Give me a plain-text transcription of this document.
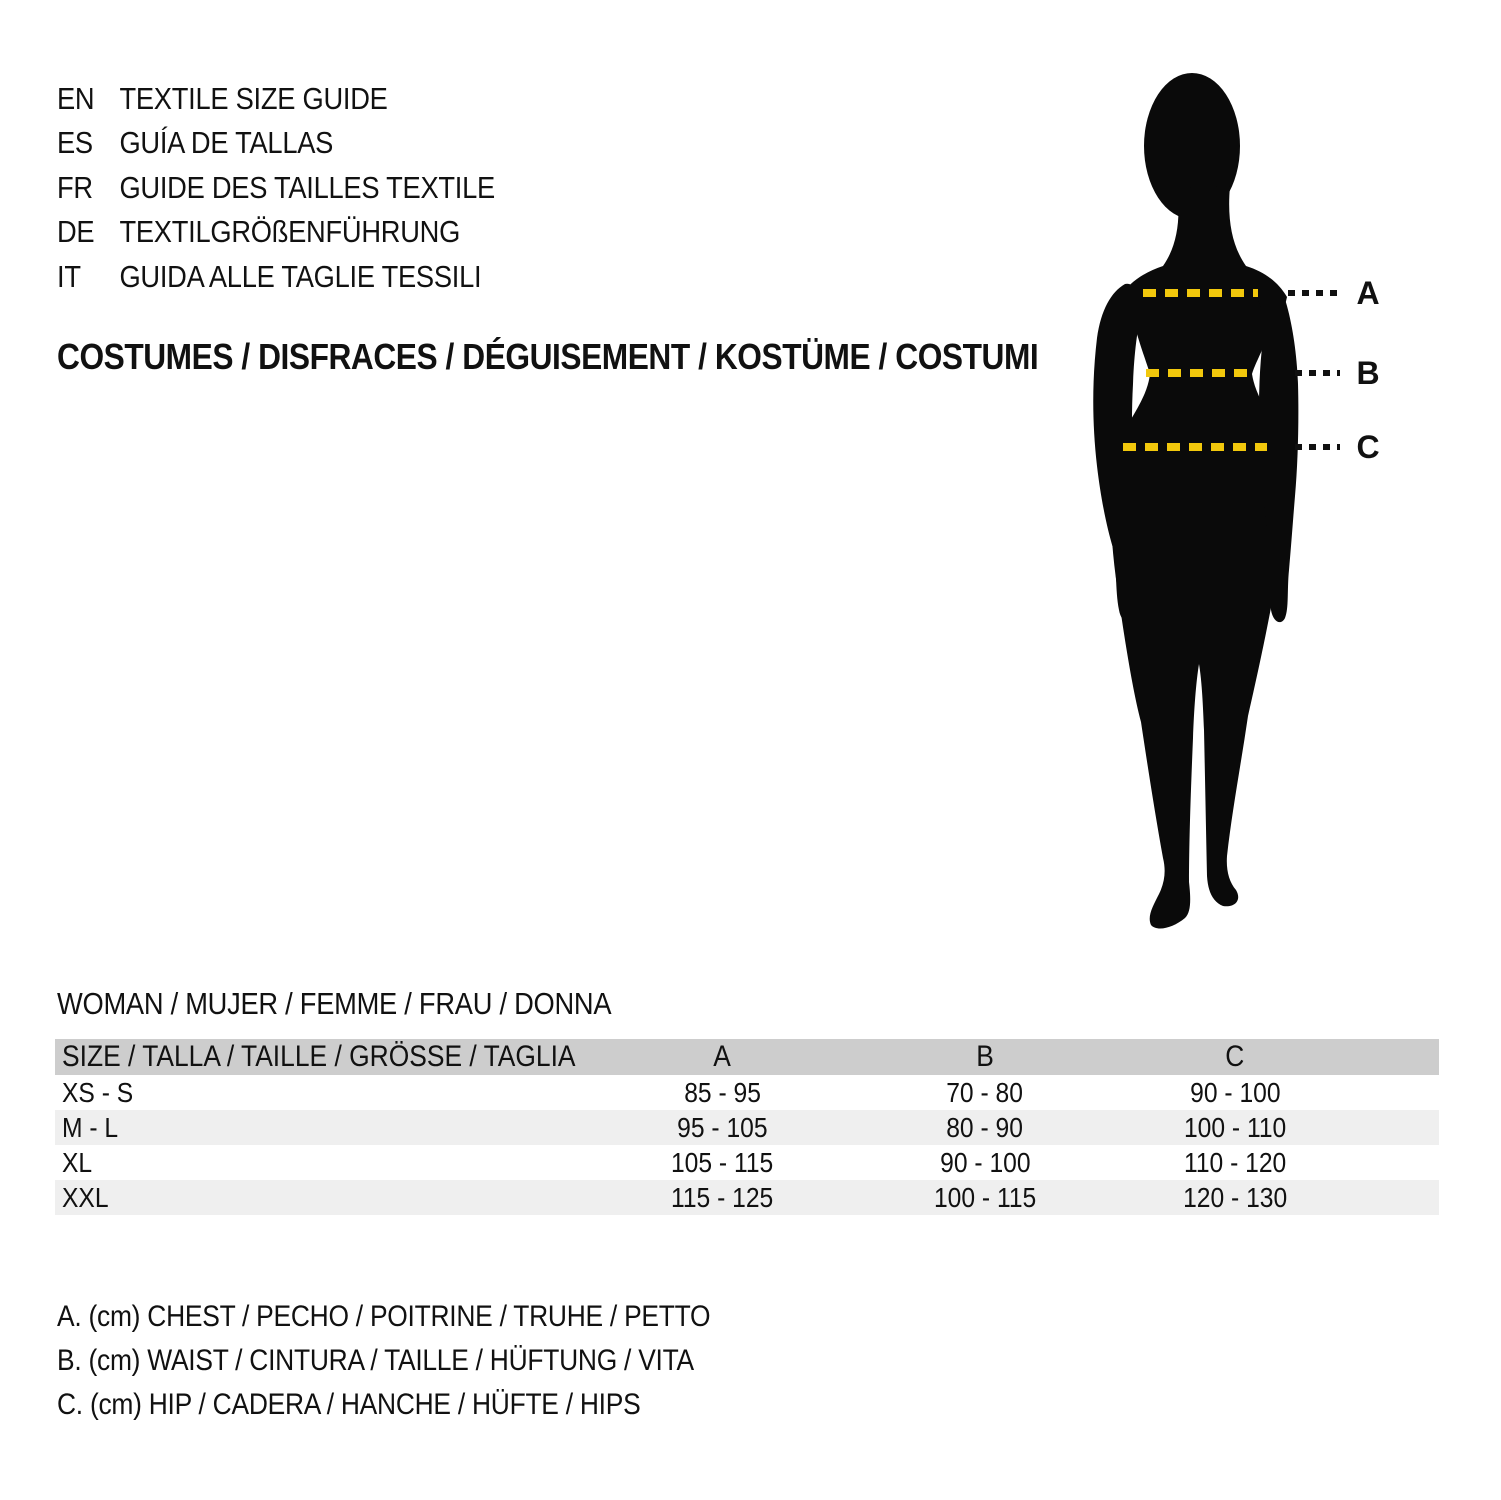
EN TEXTILE SIZE GUIDE
ES GUÍA DE TALLAS
FR GUIDE DES TAILLES TEXTILE
DE TEXTILGRÖßENFÜHRUNG
IT GUIDA ALLE TAGLIE TESSILI
COSTUMES / DISFRACES / DÉGUISEMENT / KOSTÜME / COSTUMI
A
B
C
WOMAN / MUJER / FEMME / FRAU / DONNA
SIZE / TALLA / TAILLE / GRÖSSE / TAGLIA	A	B	C
XS - S	85 - 95	70 - 80	90 - 100
M - L	95 - 105	80 - 90	100 - 110
XL	105 - 115	90 - 100	110 - 120
XXL	115 - 125	100 - 115	120 - 130
A. (cm) CHEST / PECHO / POITRINE / TRUHE / PETTO
B. (cm) WAIST / CINTURA / TAILLE / HÜFTUNG / VITA
C. (cm) HIP / CADERA / HANCHE / HÜFTE / HIPS
